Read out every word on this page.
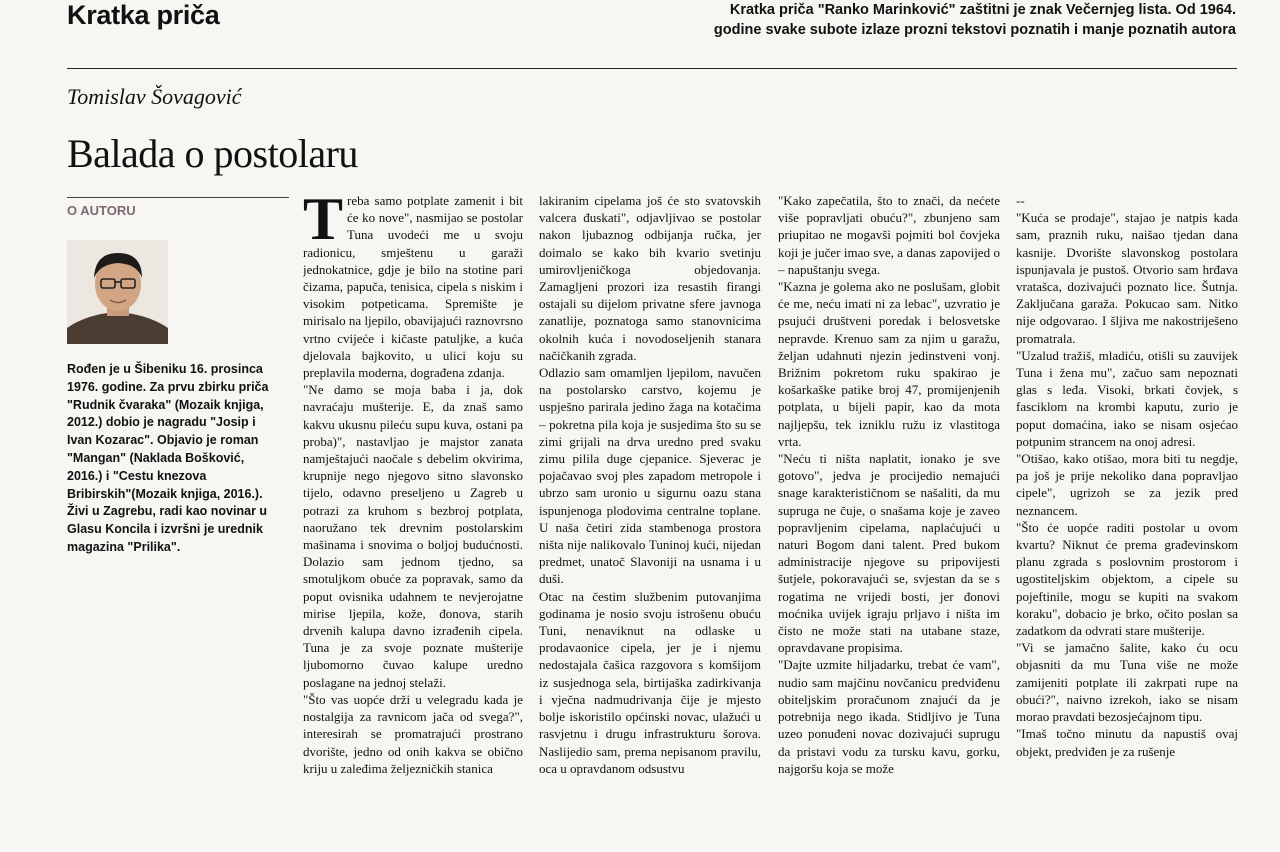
Kratka priča	Kratka priča "Ranko Marinković" zaštitni je znak Večernjeg lista. Od 1964.
godine svake subote izlaze prozni tekstovi poznatih i manje poznatih autora
Tomislav Šovagović
Balada o postolaru
O AUTORU
Rođen je u Šibeniku 16. prosinca 1976. godine. Za prvu zbirku priča "Rudnik čvaraka" (Mozaik knjiga, 2012.) dobio je nagradu "Josip i Ivan Kozarac". Objavio je roman "Mangan" (Naklada Bošković, 2016.) i "Cestu knezova Bribirskih"(Mozaik knjiga, 2016.). Živi u Zagrebu, radi kao novinar u Glasu Koncila i izvršni je urednik magazina "Prilika".
T reba samo potplate zamenit i bit će ko nove", nasmijao se postolar Tuna uvodeći me u svoju radionicu, smještenu u garaži jednokatnice, gdje je bilo na stotine pari čizama, papuča, tenisica, cipela s niskim i visokim potpeticama. Spremište je mirisalo na ljepilo, obavijajući raznovrsno vrtno cvijeće i kičaste patuljke, a kuća djelovala bajkovito, u ulici koju su preplavila moderna, dograđena zdanja.

"Ne damo se moja baba i ja, dok navraćaju mušterije. E, da znaš samo kakvu ukusnu pileću supu kuva, ostani pa proba)", nastavljao je majstor zanata namještajući naočale s debelim okvirima, krupnije nego njegovo sitno slavonsko tijelo, odavno preseljeno u Zagreb u potrazi za kruhom s bezbroj potplata, naoružano tek drevnim postolarskim mašinama i snovima o boljoj budućnosti. Dolazio sam jednom tjedno, sa smotuljkom obuće za popravak, samo da poput ovisnika udahnem te nevjerojatne mirise ljepila, kože, đonova, starih drvenih kalupa davno izrađenih cipela. Tuna je za svoje poznate mušterije ljubomorno čuvao kalupe uredno poslagane na jednoj stelaži.

"Što vas uopće drži u velegradu kada je nostalgija za ravnicom jača od svega?", interesirah se promatrajući prostrano dvorište, jedno od onih kakva se obično kriju u zaleđima željezničkih stanica

lakiranim cipelama još će sto svatovskih valcera đuskati", odjavljivao se postolar nakon ljubaznog odbijanja ručka, jer doimalo se kako bih kvario svetinju umirovljeničkoga objedovanja. Zamagljeni prozori iza resastih firangi ostajali su dijelom privatne sfere javnoga zanatlije, poznatoga samo stanovnicima okolnih kuća i novodoseljenih stanara načičkanih zgrada.

Odlazio sam omamljen ljepilom, navučen na postolarsko carstvo, kojemu je uspješno parirala jedino žaga na kotačima – pokretna pila koja je susjedima što su se zimi grijali na drva uredno pred svaku zimu pilila duge cjepanice. Sjeverac je pojačavao svoj ples zapadom metropole i ubrzo sam uronio u sigurnu oazu stana ispunjenoga plodovima centralne toplane. U naša četiri zida stambenoga prostora ništa nije nalikovalo Tuninoj kući, nijedan predmet, unatoč Slavoniji na usnama i u duši.

Otac na čestim službenim putovanjima godinama je nosio svoju istrošenu obuću Tuni, nenaviknut na odlaske u prodavaonice cipela, jer je i njemu nedostajala čašica razgovora s komšijom iz susjednoga sela, birtijaška zadirkivanja i vječna nadmudrivanja čije je mjesto bolje iskoristilo općinski novac, ulažući u rasvjetnu i drugu infrastrukturu šorova. Naslijedio sam, prema nepisanom pravilu, oca u opravdanom odsustvu

"Kako zapečatila, što to znači, da nećete više popravljati obuću?", zbunjeno sam priupitao ne mogavši pojmiti bol čovjeka koji je jučer imao sve, a danas zapovijed o – napuštanju svega.

"Kazna je golema ako ne poslušam, globit će me, neću imati ni za lebac", uzvratio je psujući društveni poredak i belosvetske nepravde. Krenuo sam za njim u garažu, željan udahnuti njezin jedinstveni vonj. Brižnim pokretom ruku spakirao je košarkaške patike broj 47, promijenjenih potplata, u bijeli papir, kao da mota najljepšu, tek izniklu ružu iz vlastitoga vrta.

"Neću ti ništa naplatit, ionako je sve gotovo", jedva je procijedio nemajući snage karakterističnom se našaliti, da mu supruga ne čuje, o snašama koje je zaveo popravljenim cipelama, naplaćujući u naturi Bogom dani talent. Pred bukom administracije njegove su pripovijesti šutjele, pokoravajući se, svjestan da se s rogatima ne vrijedi bosti, jer đonovi moćnika uvijek igraju prljavo i ništa im čisto ne može stati na utabane staze, opravdavane propisima.

"Dajte uzmite hiljadarku, trebat će vam", nudio sam majčinu novčanicu predviđenu obiteljskim proračunom znajući da je potrebnija nego ikada. Stidljivo je Tuna uzeo ponuđeni novac dozivajući suprugu da pristavi vodu za tursku kavu, gorku, najgoršu koja se može

--

"Kuća se prodaje", stajao je natpis kada sam, praznih ruku, naišao tjedan dana kasnije. Dvorište slavonskog postolara ispunjavala je pustoš. Otvorio sam hrđava vratašca, dozivajući poznato lice. Šutnja. Zaključana garaža. Pokucao sam. Nitko nije odgovarao. I šljiva me nakostriješeno promatrala.

"Uzalud tražiš, mladiću, otišli su zauvijek Tuna i žena mu", začuo sam nepoznati glas s leđa. Visoki, brkati čovjek, s fasciklom na krombi kaputu, zurio je poput domaćina, iako se nisam osjećao potpunim strancem na onoj adresi.

"Otišao, kako otišao, mora biti tu negdje, pa još je prije nekoliko dana popravljao cipele", ugrizoh se za jezik pred neznancem.

"Što će uopće raditi postolar u ovom kvartu? Niknut će prema građevinskom planu zgrada s poslovnim prostorom i ugostiteljskim objektom, a cipele su pojeftinile, mogu se kupiti na svakom koraku", dobacio je brko, očito poslan sa zadatkom da odvrati stare mušterije.

"Vi se jamačno šalite, kako ću ocu objasniti da mu Tuna više ne može zamijeniti potplate ili zakrpati rupe na obući?", naivno izrekoh, iako se nisam morao pravdati bezosjećajnom tipu.

"Imaš točno minutu da napustiš ovaj objekt, predviđen je za rušenje
